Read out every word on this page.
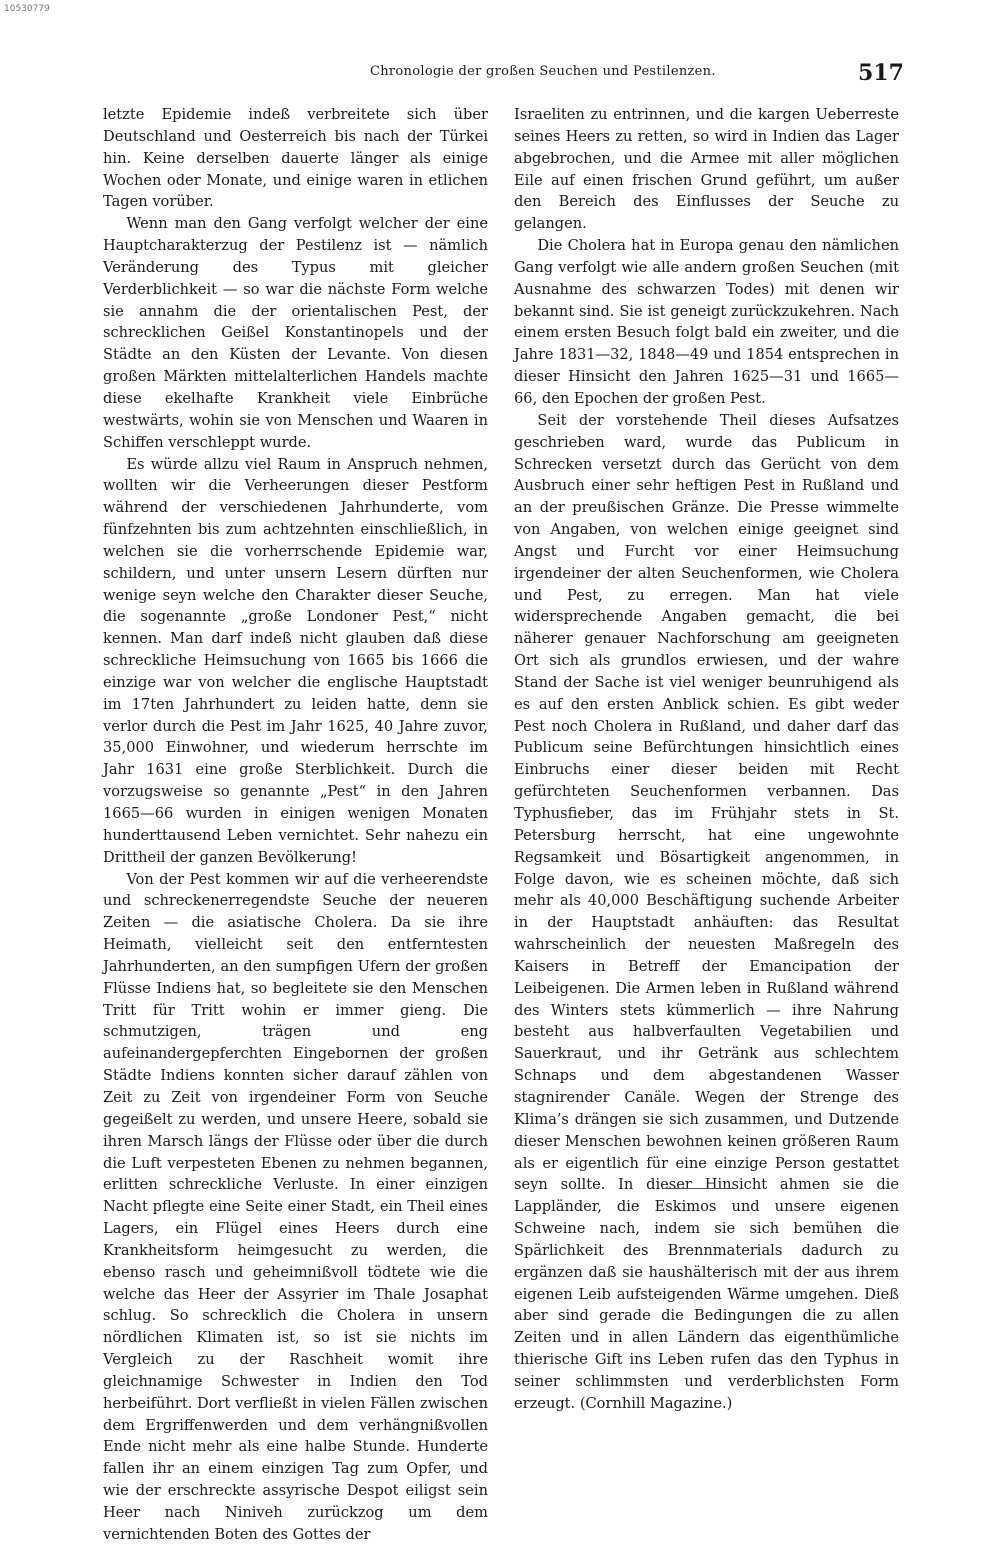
10530779
Chronologie der großen Seuchen und Pestilenzen.	517

letzte Epidemie indeß verbreitete sich über Deutschland und Oesterreich bis nach der Türkei hin. Keine derselben dauerte länger als einige Wochen oder Monate, und einige waren in etlichen Tagen vorüber.

Wenn man den Gang verfolgt welcher der eine Hauptcharakterzug der Pestilenz ist — nämlich Veränderung des Typus mit gleicher Verderblichkeit — so war die nächste Form welche sie annahm die der orientalischen Pest, der schrecklichen Geißel Konstantinopels und der Städte an den Küsten der Levante. Von diesen großen Märkten mittelalterlichen Handels machte diese ekelhafte Krankheit viele Einbrüche westwärts, wohin sie von Menschen und Waaren in Schiffen verschleppt wurde.

Es würde allzu viel Raum in Anspruch nehmen, wollten wir die Verheerungen dieser Pestform während der verschiedenen Jahrhunderte, vom fünfzehnten bis zum achtzehnten einschließlich, in welchen sie die vorherrschende Epidemie war, schildern, und unter unsern Lesern dürften nur wenige seyn welche den Charakter dieser Seuche, die sogenannte „große Londoner Pest,“ nicht kennen. Man darf indeß nicht glauben daß diese schreckliche Heimsuchung von 1665 bis 1666 die einzige war von welcher die englische Hauptstadt im 17ten Jahrhundert zu leiden hatte, denn sie verlor durch die Pest im Jahr 1625, 40 Jahre zuvor, 35,000 Einwohner, und wiederum herrschte im Jahr 1631 eine große Sterblichkeit. Durch die vorzugsweise so genannte „Pest“ in den Jahren 1665—66 wurden in einigen wenigen Monaten hunderttausend Leben vernichtet. Sehr nahezu ein Drittheil der ganzen Bevölkerung!

Von der Pest kommen wir auf die verheerendste und schreckenerregendste Seuche der neueren Zeiten — die asiatische Cholera. Da sie ihre Heimath, vielleicht seit den entferntesten Jahrhunderten, an den sumpfigen Ufern der großen Flüsse Indiens hat, so begleitete sie den Menschen Tritt für Tritt wohin er immer gieng. Die schmutzigen, trägen und eng aufeinandergepferchten Eingebornen der großen Städte Indiens konnten sicher darauf zählen von Zeit zu Zeit von irgendeiner Form von Seuche gegeißelt zu werden, und unsere Heere, sobald sie ihren Marsch längs der Flüsse oder über die durch die Luft verpesteten Ebenen zu nehmen begannen, erlitten schreckliche Verluste. In einer einzigen Nacht pflegte eine Seite einer Stadt, ein Theil eines Lagers, ein Flügel eines Heers durch eine Krankheitsform heimgesucht zu werden, die ebenso rasch und geheimnißvoll tödtete wie die welche das Heer der Assyrier im Thale Josaphat schlug. So schrecklich die Cholera in unsern nördlichen Klimaten ist, so ist sie nichts im Vergleich zu der Raschheit womit ihre gleichnamige Schwester in Indien den Tod herbeiführt. Dort verfließt in vielen Fällen zwischen dem Ergriffenwerden und dem verhängnißvollen Ende nicht mehr als eine halbe Stunde. Hunderte fallen ihr an einem einzigen Tag zum Opfer, und wie der erschreckte assyrische Despot eiligst sein Heer nach Niniveh zurückzog um dem vernichtenden Boten des Gottes der

Israeliten zu entrinnen, und die kargen Ueberreste seines Heers zu retten, so wird in Indien das Lager abgebrochen, und die Armee mit aller möglichen Eile auf einen frischen Grund geführt, um außer den Bereich des Einflusses der Seuche zu gelangen.

Die Cholera hat in Europa genau den nämlichen Gang verfolgt wie alle andern großen Seuchen (mit Ausnahme des schwarzen Todes) mit denen wir bekannt sind. Sie ist geneigt zurückzukehren. Nach einem ersten Besuch folgt bald ein zweiter, und die Jahre 1831—32, 1848—49 und 1854 entsprechen in dieser Hinsicht den Jahren 1625—31 und 1665—66, den Epochen der großen Pest.

Seit der vorstehende Theil dieses Aufsatzes geschrieben ward, wurde das Publicum in Schrecken versetzt durch das Gerücht von dem Ausbruch einer sehr heftigen Pest in Rußland und an der preußischen Gränze. Die Presse wimmelte von Angaben, von welchen einige geeignet sind Angst und Furcht vor einer Heimsuchung irgendeiner der alten Seuchenformen, wie Cholera und Pest, zu erregen. Man hat viele widersprechende Angaben gemacht, die bei näherer genauer Nachforschung am geeigneten Ort sich als grundlos erwiesen, und der wahre Stand der Sache ist viel weniger beunruhigend als es auf den ersten Anblick schien. Es gibt weder Pest noch Cholera in Rußland, und daher darf das Publicum seine Befürchtungen hinsichtlich eines Einbruchs einer dieser beiden mit Recht gefürchteten Seuchenformen verbannen. Das Typhusfieber, das im Frühjahr stets in St. Petersburg herrscht, hat eine ungewohnte Regsamkeit und Bösartigkeit angenommen, in Folge davon, wie es scheinen möchte, daß sich mehr als 40,000 Beschäftigung suchende Arbeiter in der Hauptstadt anhäuften: das Resultat wahrscheinlich der neuesten Maßregeln des Kaisers in Betreff der Emancipation der Leibeigenen. Die Armen leben in Rußland während des Winters stets kümmerlich — ihre Nahrung besteht aus halbverfaulten Vegetabilien und Sauerkraut, und ihr Getränk aus schlechtem Schnaps und dem abgestandenen Wasser stagnirender Canäle. Wegen der Strenge des Klima’s drängen sie sich zusammen, und Dutzende dieser Menschen bewohnen keinen größeren Raum als er eigentlich für eine einzige Person gestattet seyn sollte. In dieser Hinsicht ahmen sie die Lappländer, die Eskimos und unsere eigenen Schweine nach, indem sie sich bemühen die Spärlichkeit des Brennmaterials dadurch zu ergänzen daß sie haushälterisch mit der aus ihrem eigenen Leib aufsteigenden Wärme umgehen. Dieß aber sind gerade die Bedingungen die zu allen Zeiten und in allen Ländern das eigenthümliche thierische Gift ins Leben rufen das den Typhus in seiner schlimmsten und verderblichsten Form erzeugt. (Cornhill Magazine.)
